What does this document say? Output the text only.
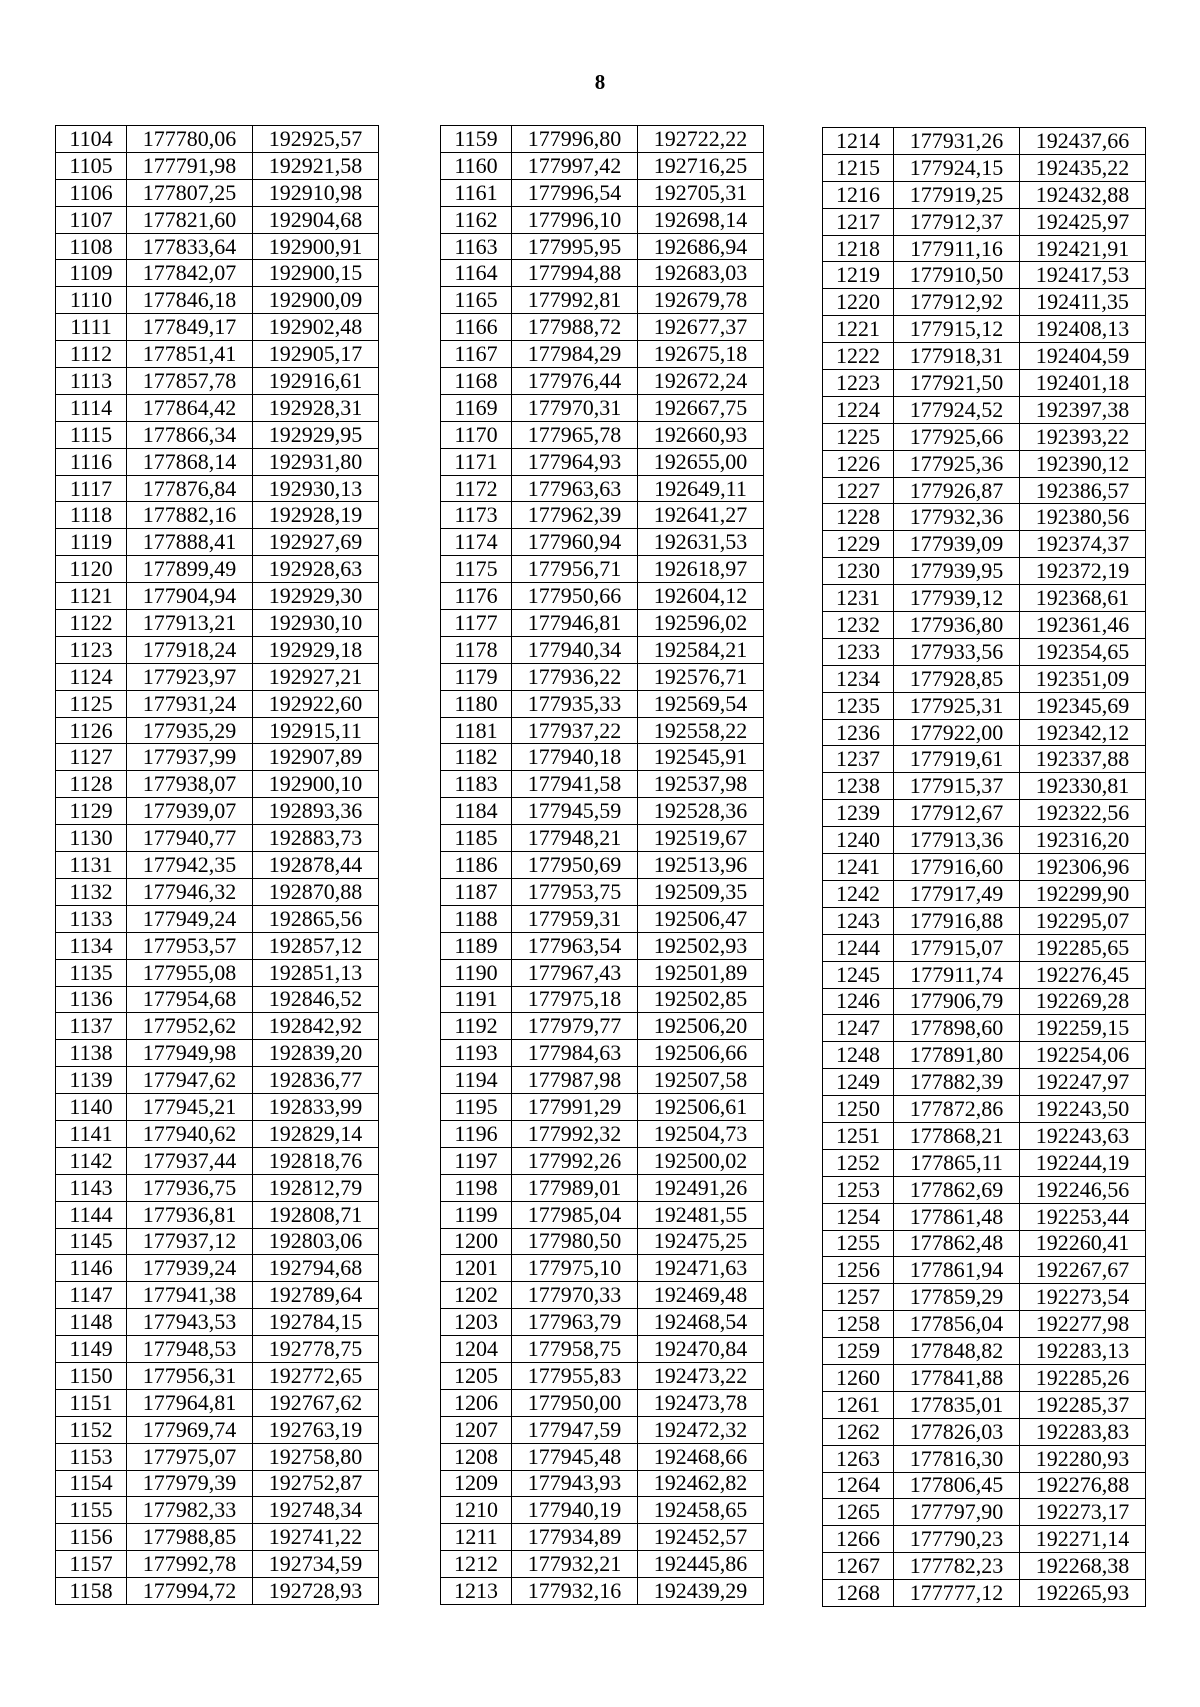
8
1104	177780,06	192925,57
1105	177791,98	192921,58
1106	177807,25	192910,98
1107	177821,60	192904,68
1108	177833,64	192900,91
1109	177842,07	192900,15
1110	177846,18	192900,09
1111	177849,17	192902,48
1112	177851,41	192905,17
1113	177857,78	192916,61
1114	177864,42	192928,31
1115	177866,34	192929,95
1116	177868,14	192931,80
1117	177876,84	192930,13
1118	177882,16	192928,19
1119	177888,41	192927,69
1120	177899,49	192928,63
1121	177904,94	192929,30
1122	177913,21	192930,10
1123	177918,24	192929,18
1124	177923,97	192927,21
1125	177931,24	192922,60
1126	177935,29	192915,11
1127	177937,99	192907,89
1128	177938,07	192900,10
1129	177939,07	192893,36
1130	177940,77	192883,73
1131	177942,35	192878,44
1132	177946,32	192870,88
1133	177949,24	192865,56
1134	177953,57	192857,12
1135	177955,08	192851,13
1136	177954,68	192846,52
1137	177952,62	192842,92
1138	177949,98	192839,20
1139	177947,62	192836,77
1140	177945,21	192833,99
1141	177940,62	192829,14
1142	177937,44	192818,76
1143	177936,75	192812,79
1144	177936,81	192808,71
1145	177937,12	192803,06
1146	177939,24	192794,68
1147	177941,38	192789,64
1148	177943,53	192784,15
1149	177948,53	192778,75
1150	177956,31	192772,65
1151	177964,81	192767,62
1152	177969,74	192763,19
1153	177975,07	192758,80
1154	177979,39	192752,87
1155	177982,33	192748,34
1156	177988,85	192741,22
1157	177992,78	192734,59
1158	177994,72	192728,93
1159	177996,80	192722,22
1160	177997,42	192716,25
1161	177996,54	192705,31
1162	177996,10	192698,14
1163	177995,95	192686,94
1164	177994,88	192683,03
1165	177992,81	192679,78
1166	177988,72	192677,37
1167	177984,29	192675,18
1168	177976,44	192672,24
1169	177970,31	192667,75
1170	177965,78	192660,93
1171	177964,93	192655,00
1172	177963,63	192649,11
1173	177962,39	192641,27
1174	177960,94	192631,53
1175	177956,71	192618,97
1176	177950,66	192604,12
1177	177946,81	192596,02
1178	177940,34	192584,21
1179	177936,22	192576,71
1180	177935,33	192569,54
1181	177937,22	192558,22
1182	177940,18	192545,91
1183	177941,58	192537,98
1184	177945,59	192528,36
1185	177948,21	192519,67
1186	177950,69	192513,96
1187	177953,75	192509,35
1188	177959,31	192506,47
1189	177963,54	192502,93
1190	177967,43	192501,89
1191	177975,18	192502,85
1192	177979,77	192506,20
1193	177984,63	192506,66
1194	177987,98	192507,58
1195	177991,29	192506,61
1196	177992,32	192504,73
1197	177992,26	192500,02
1198	177989,01	192491,26
1199	177985,04	192481,55
1200	177980,50	192475,25
1201	177975,10	192471,63
1202	177970,33	192469,48
1203	177963,79	192468,54
1204	177958,75	192470,84
1205	177955,83	192473,22
1206	177950,00	192473,78
1207	177947,59	192472,32
1208	177945,48	192468,66
1209	177943,93	192462,82
1210	177940,19	192458,65
1211	177934,89	192452,57
1212	177932,21	192445,86
1213	177932,16	192439,29
1214	177931,26	192437,66
1215	177924,15	192435,22
1216	177919,25	192432,88
1217	177912,37	192425,97
1218	177911,16	192421,91
1219	177910,50	192417,53
1220	177912,92	192411,35
1221	177915,12	192408,13
1222	177918,31	192404,59
1223	177921,50	192401,18
1224	177924,52	192397,38
1225	177925,66	192393,22
1226	177925,36	192390,12
1227	177926,87	192386,57
1228	177932,36	192380,56
1229	177939,09	192374,37
1230	177939,95	192372,19
1231	177939,12	192368,61
1232	177936,80	192361,46
1233	177933,56	192354,65
1234	177928,85	192351,09
1235	177925,31	192345,69
1236	177922,00	192342,12
1237	177919,61	192337,88
1238	177915,37	192330,81
1239	177912,67	192322,56
1240	177913,36	192316,20
1241	177916,60	192306,96
1242	177917,49	192299,90
1243	177916,88	192295,07
1244	177915,07	192285,65
1245	177911,74	192276,45
1246	177906,79	192269,28
1247	177898,60	192259,15
1248	177891,80	192254,06
1249	177882,39	192247,97
1250	177872,86	192243,50
1251	177868,21	192243,63
1252	177865,11	192244,19
1253	177862,69	192246,56
1254	177861,48	192253,44
1255	177862,48	192260,41
1256	177861,94	192267,67
1257	177859,29	192273,54
1258	177856,04	192277,98
1259	177848,82	192283,13
1260	177841,88	192285,26
1261	177835,01	192285,37
1262	177826,03	192283,83
1263	177816,30	192280,93
1264	177806,45	192276,88
1265	177797,90	192273,17
1266	177790,23	192271,14
1267	177782,23	192268,38
1268	177777,12	192265,93
